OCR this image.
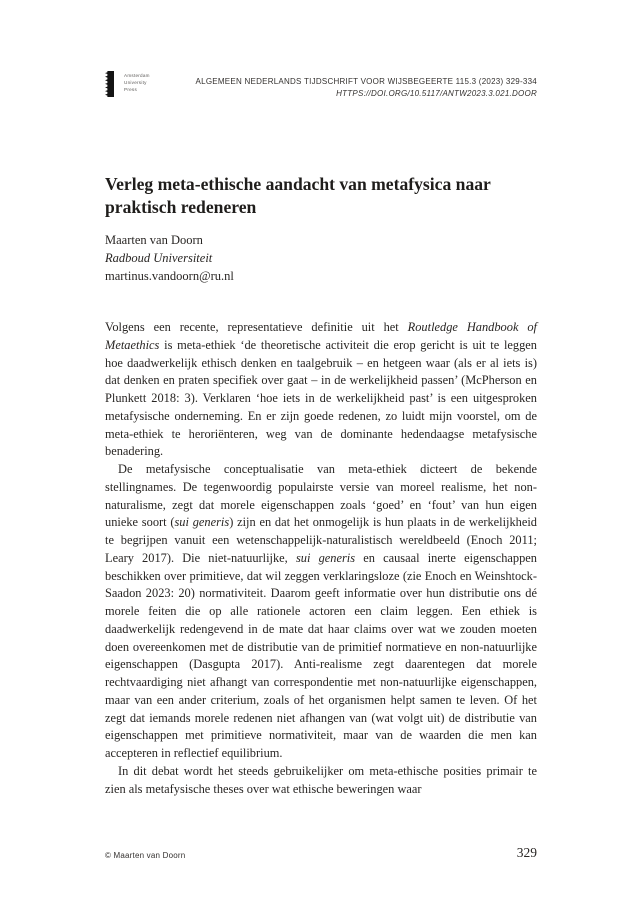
Amsterdam
University
Press
ALGEMEEN NEDERLANDS TIJDSCHRIFT VOOR WIJSBEGEERTE 115.3 (2023) 329-334
HTTPS://DOI.ORG/10.5117/ANTW2023.3.021.DOOR
Verleg meta-ethische aandacht van metafysica naar praktisch redeneren
Maarten van Doorn
Radboud Universiteit
martinus.vandoorn@ru.nl

Volgens een recente, representatieve definitie uit het Routledge Handbook of Metaethics is meta-ethiek ‘de theoretische activiteit die erop gericht is uit te leggen hoe daadwerkelijk ethisch denken en taalgebruik – en hetgeen waar (als er al iets is) dat denken en praten specifiek over gaat – in de werkelijkheid passen’ (McPherson en Plunkett 2018: 3). Verklaren ‘hoe iets in de werkelijkheid past’ is een uitgesproken metafysische onderneming. En er zijn goede redenen, zo luidt mijn voorstel, om de meta-ethiek te heroriënteren, weg van de dominante hedendaagse metafysische benadering.

De metafysische conceptualisatie van meta-ethiek dicteert de bekende stellingnames. De tegenwoordig populairste versie van moreel realisme, het non-naturalisme, zegt dat morele eigenschappen zoals ‘goed’ en ‘fout’ van hun eigen unieke soort (sui generis) zijn en dat het onmogelijk is hun plaats in de werkelijkheid te begrijpen vanuit een wetenschappelijk-naturalistisch wereldbeeld (Enoch 2011; Leary 2017). Die niet-natuurlijke, sui generis en causaal inerte eigenschappen beschikken over primitieve, dat wil zeggen verklaringsloze (zie Enoch en Weinshtock-Saadon 2023: 20) normativiteit. Daarom geeft informatie over hun distributie ons dé morele feiten die op alle rationele actoren een claim leggen. Een ethiek is daadwerkelijk redengevend in de mate dat haar claims over wat we zouden moeten doen overeenkomen met de distributie van de primitief normatieve en non-natuurlijke eigenschappen (Dasgupta 2017). Anti-realisme zegt daarentegen dat morele rechtvaardiging niet afhangt van correspondentie met non-natuurlijke eigenschappen, maar van een ander criterium, zoals of het organismen helpt samen te leven. Of het zegt dat iemands morele redenen niet afhangen van (wat volgt uit) de distributie van eigenschappen met primitieve normativiteit, maar van de waarden die men kan accepteren in reflectief equilibrium.

In dit debat wordt het steeds gebruikelijker om meta-ethische posities primair te zien als metafysische theses over wat ethische beweringen waar

© Maarten van Doorn	329
